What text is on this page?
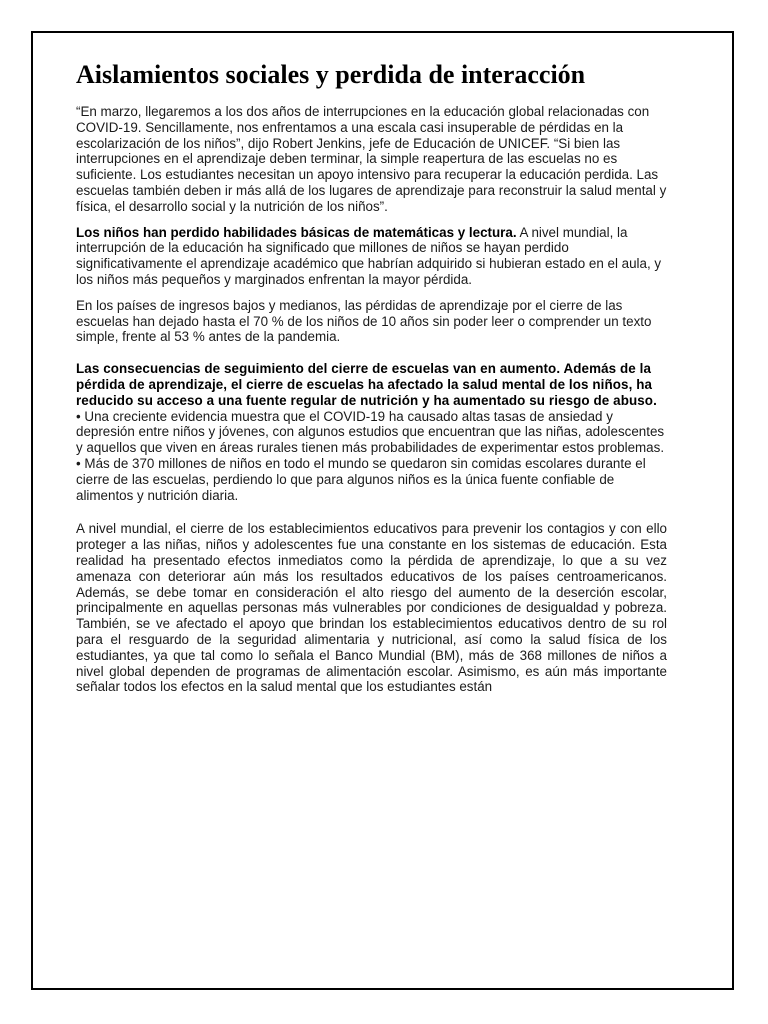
Aislamientos sociales y perdida de interacción

“En marzo, llegaremos a los dos años de interrupciones en la educación global relacionadas con COVID-19. Sencillamente, nos enfrentamos a una escala casi insuperable de pérdidas en la escolarización de los niños”, dijo Robert Jenkins, jefe de Educación de UNICEF. “Si bien las interrupciones en el aprendizaje deben terminar, la simple reapertura de las escuelas no es suficiente. Los estudiantes necesitan un apoyo intensivo para recuperar la educación perdida. Las escuelas también deben ir más allá de los lugares de aprendizaje para reconstruir la salud mental y física, el desarrollo social y la nutrición de los niños”.

Los niños han perdido habilidades básicas de matemáticas y lectura. A nivel mundial, la interrupción de la educación ha significado que millones de niños se hayan perdido significativamente el aprendizaje académico que habrían adquirido si hubieran estado en el aula, y los niños más pequeños y marginados enfrentan la mayor pérdida.

En los países de ingresos bajos y medianos, las pérdidas de aprendizaje por el cierre de las escuelas han dejado hasta el 70 % de los niños de 10 años sin poder leer o comprender un texto simple, frente al 53 % antes de la pandemia.

Las consecuencias de seguimiento del cierre de escuelas van en aumento. Además de la pérdida de aprendizaje, el cierre de escuelas ha afectado la salud mental de los niños, ha reducido su acceso a una fuente regular de nutrición y ha aumentado su riesgo de abuso.

• Una creciente evidencia muestra que el COVID-19 ha causado altas tasas de ansiedad y depresión entre niños y jóvenes, con algunos estudios que encuentran que las niñas, adolescentes y aquellos que viven en áreas rurales tienen más probabilidades de experimentar estos problemas.

• Más de 370 millones de niños en todo el mundo se quedaron sin comidas escolares durante el cierre de las escuelas, perdiendo lo que para algunos niños es la única fuente confiable de alimentos y nutrición diaria.

A nivel mundial, el cierre de los establecimientos educativos para prevenir los contagios y con ello proteger a las niñas, niños y adolescentes fue una constante en los sistemas de educación. Esta realidad ha presentado efectos inmediatos como la pérdida de aprendizaje, lo que a su vez amenaza con deteriorar aún más los resultados educativos de los países centroamericanos. Además, se debe tomar en consideración el alto riesgo del aumento de la deserción escolar, principalmente en aquellas personas más vulnerables por condiciones de desigualdad y pobreza. También, se ve afectado el apoyo que brindan los establecimientos educativos dentro de su rol para el resguardo de la seguridad alimentaria y nutricional, así como la salud física de los estudiantes, ya que tal como lo señala el Banco Mundial (BM), más de 368 millones de niños a nivel global dependen de programas de alimentación escolar. Asimismo, es aún más importante señalar todos los efectos en la salud mental que los estudiantes están
